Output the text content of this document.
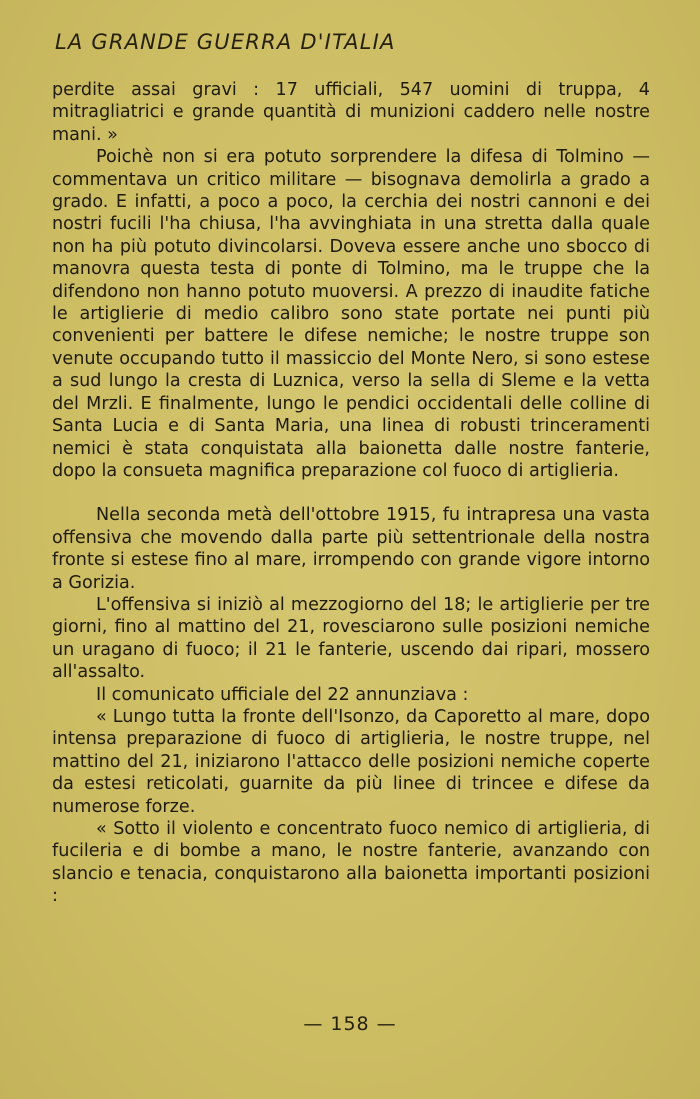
LA GRANDE GUERRA D'ITALIA

perdite assai gravi : 17 ufficiali, 547 uomini di truppa, 4 mitragliatrici e grande quantità di munizioni caddero nelle nostre mani. »

Poichè non si era potuto sorprendere la difesa di Tolmino — commentava un critico militare — bisognava demolirla a grado a grado. E infatti, a poco a poco, la cerchia dei nostri cannoni e dei nostri fucili l'ha chiusa, l'ha avvinghiata in una stretta dalla quale non ha più potuto divincolarsi. Doveva essere anche uno sbocco di manovra questa testa di ponte di Tolmino, ma le truppe che la difendono non hanno potuto muoversi. A prezzo di inaudite fatiche le artiglierie di medio calibro sono state portate nei punti più convenienti per battere le difese nemiche; le nostre truppe son venute occupando tutto il massiccio del Monte Nero, si sono estese a sud lungo la cresta di Luznica, verso la sella di Sleme e la vetta del Mrzli. E finalmente, lungo le pendici occidentali delle colline di Santa Lucia e di Santa Maria, una linea di robusti trinceramenti nemici è stata conquistata alla baionetta dalle nostre fanterie, dopo la consueta magnifica preparazione col fuoco di artiglieria.

Nella seconda metà dell'ottobre 1915, fu intrapresa una vasta offensiva che movendo dalla parte più settentrionale della nostra fronte si estese fino al mare, irrompendo con grande vigore intorno a Gorizia.

L'offensiva si iniziò al mezzogiorno del 18; le artiglierie per tre giorni, fino al mattino del 21, rovesciarono sulle posizioni nemiche un uragano di fuoco; il 21 le fanterie, uscendo dai ripari, mossero all'assalto.

Il comunicato ufficiale del 22 annunziava :

« Lungo tutta la fronte dell'Isonzo, da Caporetto al mare, dopo intensa preparazione di fuoco di artiglieria, le nostre truppe, nel mattino del 21, iniziarono l'attacco delle posizioni nemiche coperte da estesi reticolati, guarnite da più linee di trincee e difese da numerose forze.

« Sotto il violento e concentrato fuoco nemico di artiglieria, di fucileria e di bombe a mano, le nostre fanterie, avanzando con slancio e tenacia, conquistarono alla baionetta importanti posizioni :

— 158 —
